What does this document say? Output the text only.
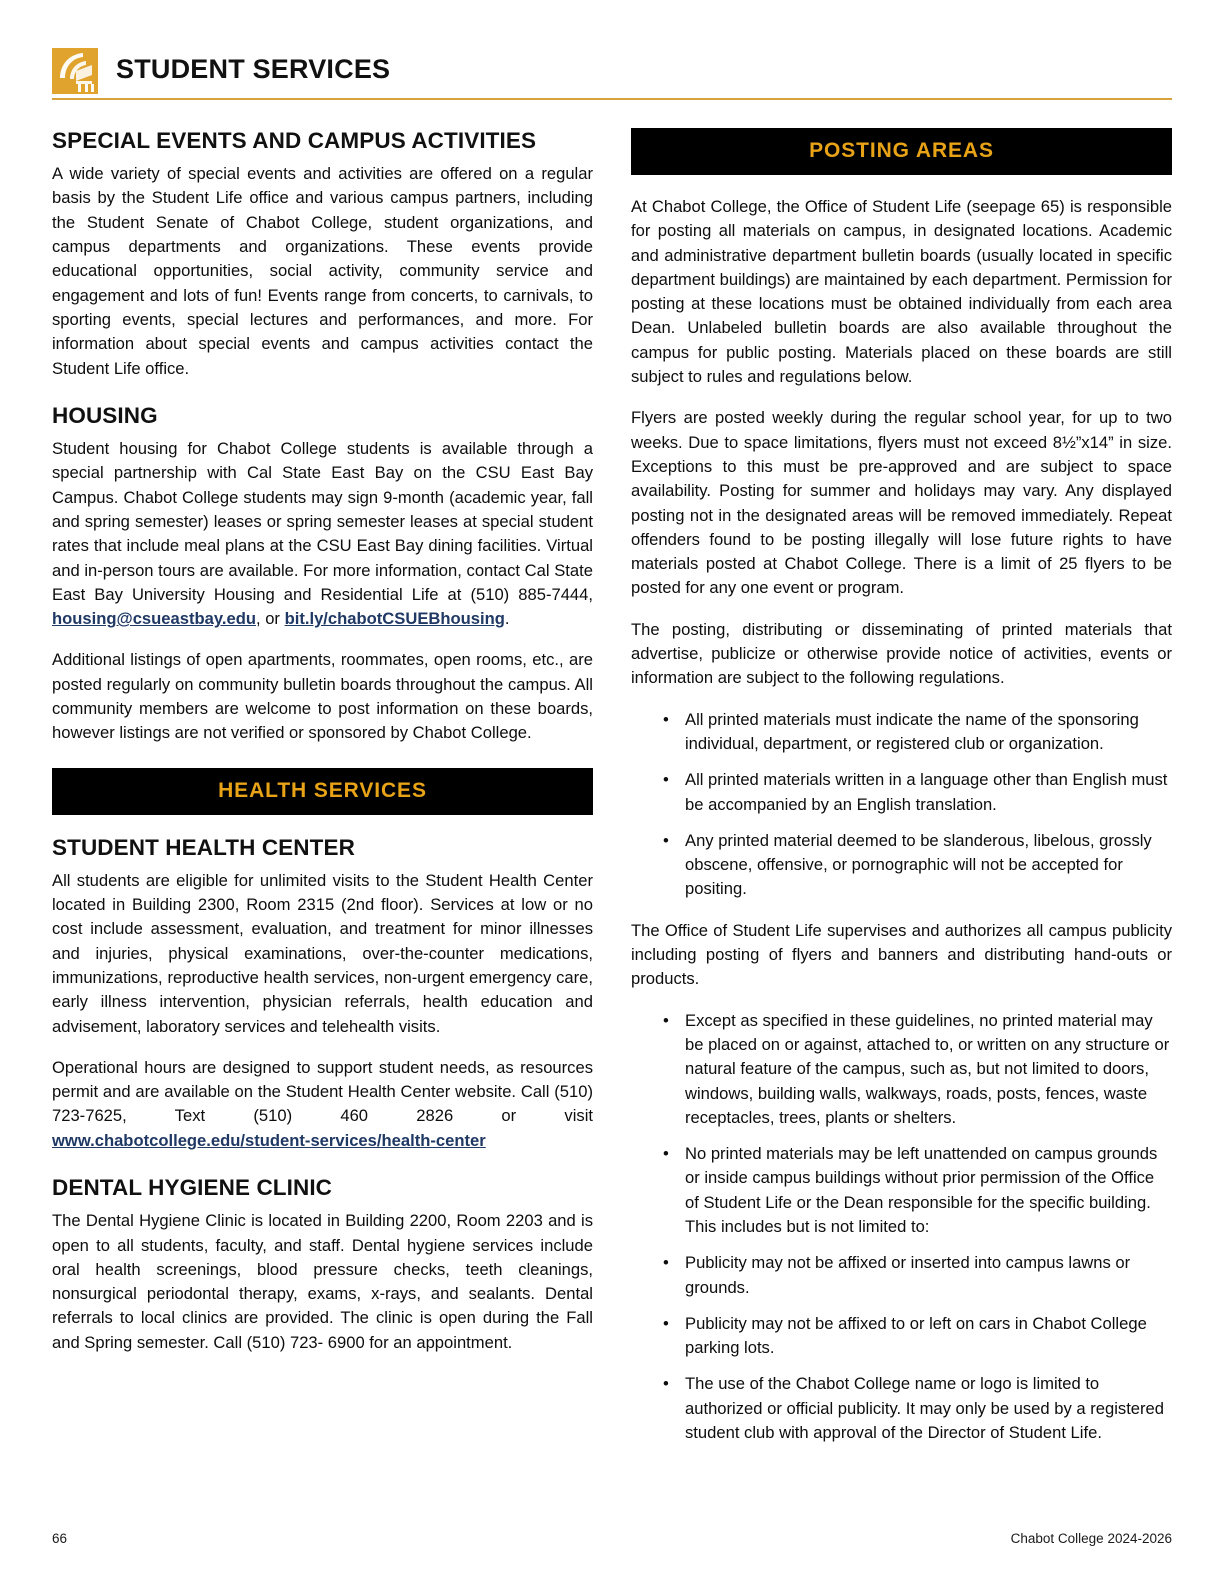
STUDENT SERVICES
SPECIAL EVENTS AND CAMPUS ACTIVITIES

A wide variety of special events and activities are offered on a regular basis by the Student Life office and various campus partners, including the Student Senate of Chabot College, student organizations, and campus departments and organizations. These events provide educational opportunities, social activity, community service and engagement and lots of fun! Events range from concerts, to carnivals, to sporting events, special lectures and performances, and more. For information about special events and campus activities contact the Student Life office.

HOUSING

Student housing for Chabot College students is available through a special partnership with Cal State East Bay on the CSU East Bay Campus. Chabot College students may sign 9-month (academic year, fall and spring semester) leases or spring semester leases at special student rates that include meal plans at the CSU East Bay dining facilities. Virtual and in-person tours are available. For more information, contact Cal State East Bay University Housing and Residential Life at (510) 885-7444, housing@csueastbay.edu, or bit.ly/chabotCSUEBhousing.

Additional listings of open apartments, roommates, open rooms, etc., are posted regularly on community bulletin boards throughout the campus. All community members are welcome to post information on these boards, however listings are not verified or sponsored by Chabot College.

HEALTH SERVICES
STUDENT HEALTH CENTER

All students are eligible for unlimited visits to the Student Health Center located in Building 2300, Room 2315 (2nd floor). Services at low or no cost include assessment, evaluation, and treatment for minor illnesses and injuries, physical examinations, over-the-counter medications, immunizations, reproductive health services, non-urgent emergency care, early illness intervention, physician referrals, health education and advisement, laboratory services and telehealth visits.

Operational hours are designed to support student needs, as resources permit and are available on the Student Health Center website. Call (510) 723-7625, Text (510) 460 2826 or visit www.chabotcollege.edu/student-services/health-center

DENTAL HYGIENE CLINIC

The Dental Hygiene Clinic is located in Building 2200, Room 2203 and is open to all students, faculty, and staff. Dental hygiene services include oral health screenings, blood pressure checks, teeth cleanings, nonsurgical periodontal therapy, exams, x-rays, and sealants. Dental referrals to local clinics are provided. The clinic is open during the Fall and Spring semester. Call (510) 723- 6900 for an appointment.

POSTING AREAS

At Chabot College, the Office of Student Life (seepage 65) is responsible for posting all materials on campus, in designated locations. Academic and administrative department bulletin boards (usually located in specific department buildings) are maintained by each department. Permission for posting at these locations must be obtained individually from each area Dean. Unlabeled bulletin boards are also available throughout the campus for public posting. Materials placed on these boards are still subject to rules and regulations below.

Flyers are posted weekly during the regular school year, for up to two weeks. Due to space limitations, flyers must not exceed 8½”x14” in size. Exceptions to this must be pre-approved and are subject to space availability. Posting for summer and holidays may vary. Any displayed posting not in the designated areas will be removed immediately. Repeat offenders found to be posting illegally will lose future rights to have materials posted at Chabot College. There is a limit of 25 flyers to be posted for any one event or program.

The posting, distributing or disseminating of printed materials that advertise, publicize or otherwise provide notice of activities, events or information are subject to the following regulations.

• All printed materials must indicate the name of the sponsoring individual, department, or registered club or organization.
• All printed materials written in a language other than English must be accompanied by an English translation.
• Any printed material deemed to be slanderous, libelous, grossly obscene, offensive, or pornographic will not be accepted for positing.

The Office of Student Life supervises and authorizes all campus publicity including posting of flyers and banners and distributing hand-outs or products.

• Except as specified in these guidelines, no printed material may be placed on or against, attached to, or written on any structure or natural feature of the campus, such as, but not limited to doors, windows, building walls, walkways, roads, posts, fences, waste receptacles, trees, plants or shelters.
• No printed materials may be left unattended on campus grounds or inside campus buildings without prior permission of the Office of Student Life or the Dean responsible for the specific building. This includes but is not limited to:
• Publicity may not be affixed or inserted into campus lawns or grounds.
• Publicity may not be affixed to or left on cars in Chabot College parking lots.
• The use of the Chabot College name or logo is limited to authorized or official publicity. It may only be used by a registered student club with approval of the Director of Student Life.
66	Chabot College 2024-2026
